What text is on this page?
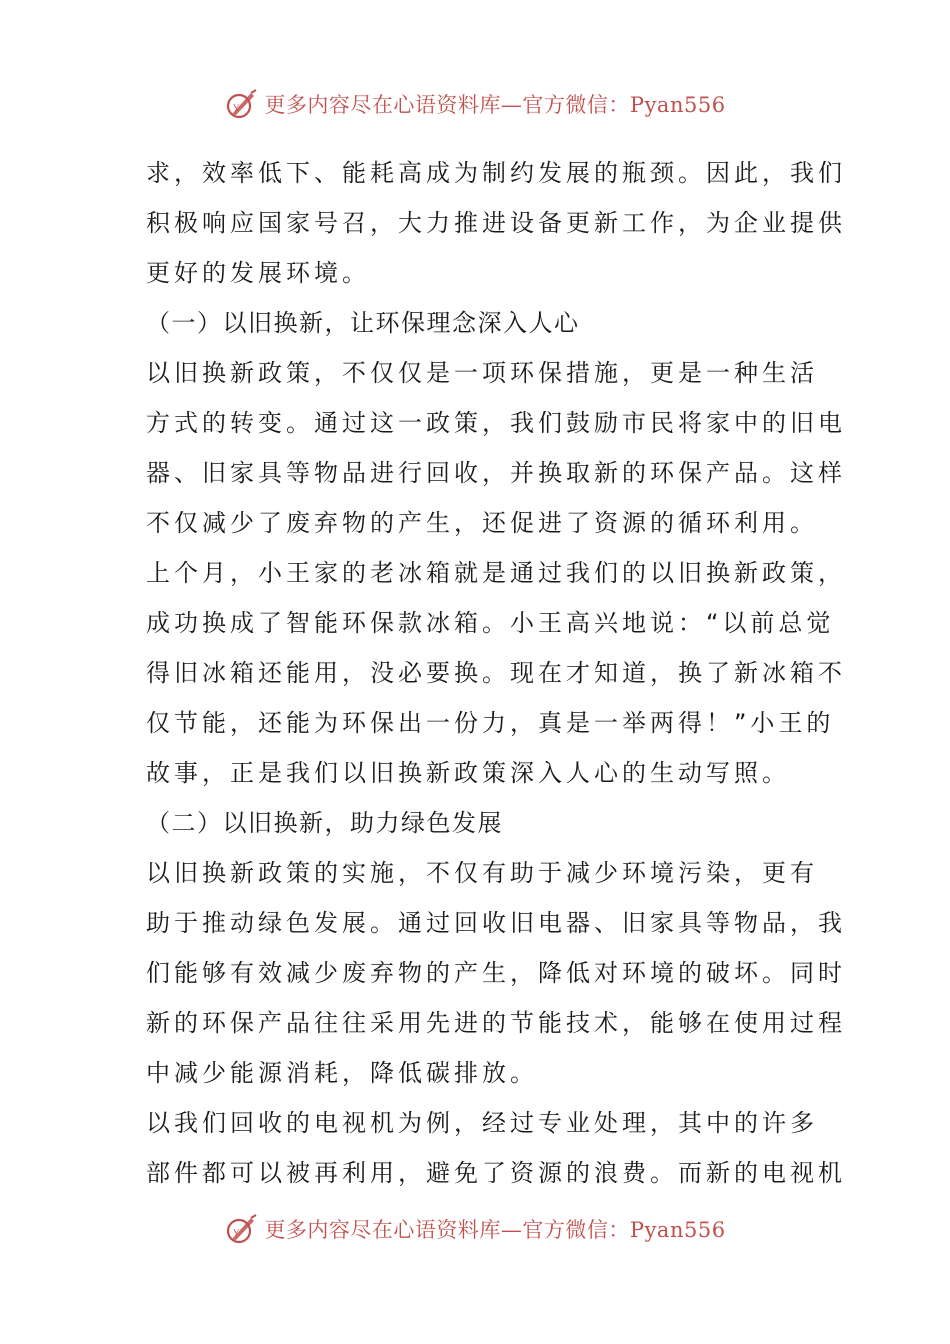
Y 更多内容尽在心语资料库—官方微信：Pyan556
求，效率低下、能耗高成为制约发展的瓶颈。因此，我们
积极响应国家号召，大力推进设备更新工作，为企业提供
更好的发展环境。
（一）以旧换新，让环保理念深入人心
以旧换新政策，不仅仅是一项环保措施，更是一种生活
方式的转变。通过这一政策，我们鼓励市民将家中的旧电
器、旧家具等物品进行回收，并换取新的环保产品。这样
不仅减少了废弃物的产生，还促进了资源的循环利用。
上个月，小王家的老冰箱就是通过我们的以旧换新政策，
成功换成了智能环保款冰箱。小王高兴地说：“以前总觉
得旧冰箱还能用，没必要换。现在才知道，换了新冰箱不
仅节能，还能为环保出一份力，真是一举两得！”小王的
故事，正是我们以旧换新政策深入人心的生动写照。
（二）以旧换新，助力绿色发展
以旧换新政策的实施，不仅有助于减少环境污染，更有
助于推动绿色发展。通过回收旧电器、旧家具等物品，我
们能够有效减少废弃物的产生，降低对环境的破坏。同时
新的环保产品往往采用先进的节能技术，能够在使用过程
中减少能源消耗，降低碳排放。
以我们回收的电视机为例，经过专业处理，其中的许多
部件都可以被再利用，避免了资源的浪费。而新的电视机
Y 更多内容尽在心语资料库—官方微信：Pyan556
